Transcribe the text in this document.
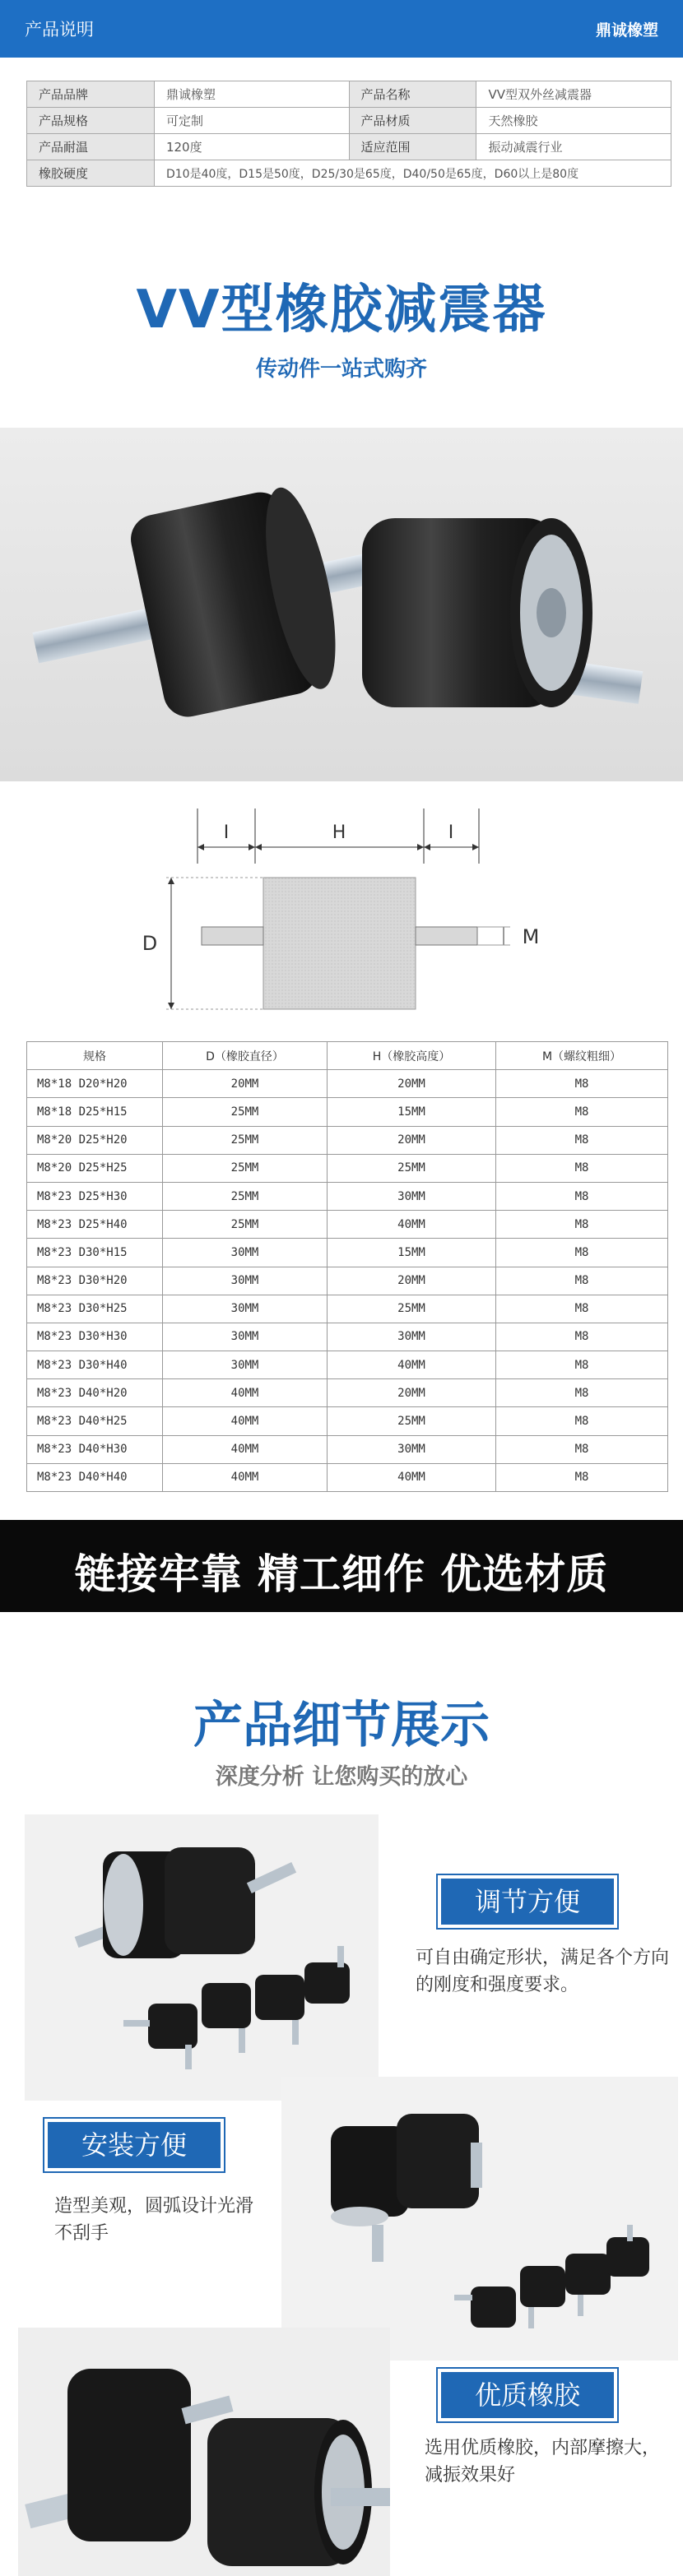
产品说明	鼎诚橡塑
产品品牌	鼎诚橡塑	产品名称	VV型双外丝减震器
产品规格	可定制	产品材质	天然橡胶
产品耐温	120度	适应范围	振动减震行业
橡胶硬度	D10是40度，D15是50度，D25/30是65度，D40/50是65度，D60以上是80度		
VV型橡胶减震器
传动件一站式购齐
I	H	I
D	M
规格	D（橡胶直径）	H（橡胶高度）	M（螺纹粗细）
M8*18 D20*H20	20MM	20MM	M8
M8*18 D25*H15	25MM	15MM	M8
M8*20 D25*H20	25MM	20MM	M8
M8*20 D25*H25	25MM	25MM	M8
M8*23 D25*H30	25MM	30MM	M8
M8*23 D25*H40	25MM	40MM	M8
M8*23 D30*H15	30MM	15MM	M8
M8*23 D30*H20	30MM	20MM	M8
M8*23 D30*H25	30MM	25MM	M8
M8*23 D30*H30	30MM	30MM	M8
M8*23 D30*H40	30MM	40MM	M8
M8*23 D40*H20	40MM	20MM	M8
M8*23 D40*H25	40MM	25MM	M8
M8*23 D40*H30	40MM	30MM	M8
M8*23 D40*H40	40MM	40MM	M8
链接牢靠 精工细作 优选材质
产品细节展示
深度分析 让您购买的放心
调节方便
可自由确定形状，满足各个方向的刚度和强度要求。
安装方便
造型美观，圆弧设计光滑不刮手
优质橡胶
选用优质橡胶，内部摩擦大，减振效果好
